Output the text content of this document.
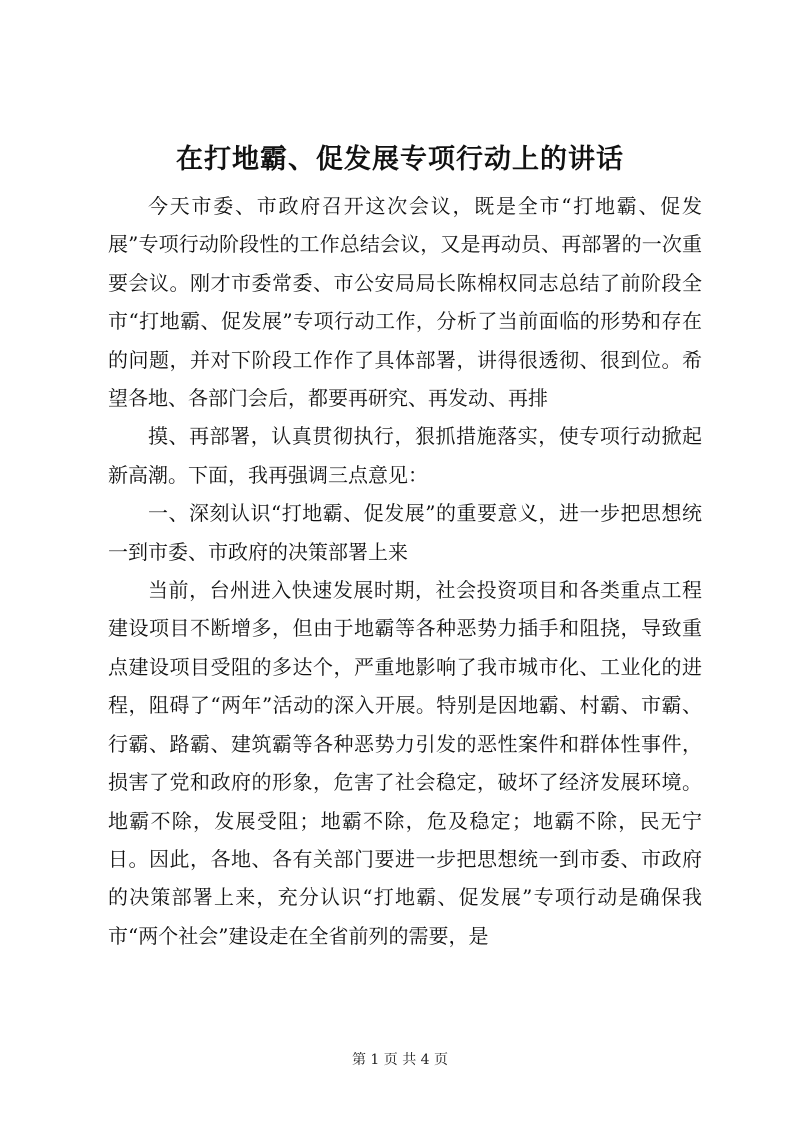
在打地霸、促发展专项行动上的讲话

今天市委、市政府召开这次会议，既是全市“打地霸、促发展”专项行动阶段性的工作总结会议，又是再动员、再部署的一次重要会议。刚才市委常委、市公安局局长陈棉权同志总结了前阶段全市“打地霸、促发展”专项行动工作，分析了当前面临的形势和存在的问题，并对下阶段工作作了具体部署，讲得很透彻、很到位。希望各地、各部门会后，都要再研究、再发动、再排

摸、再部署，认真贯彻执行，狠抓措施落实，使专项行动掀起新高潮。下面，我再强调三点意见：

一、深刻认识“打地霸、促发展”的重要意义，进一步把思想统一到市委、市政府的决策部署上来

当前，台州进入快速发展时期，社会投资项目和各类重点工程建设项目不断增多，但由于地霸等各种恶势力插手和阻挠，导致重点建设项目受阻的多达个，严重地影响了我市城市化、工业化的进程，阻碍了“两年”活动的深入开展。特别是因地霸、村霸、市霸、行霸、路霸、建筑霸等各种恶势力引发的恶性案件和群体性事件，损害了党和政府的形象，危害了社会稳定，破坏了经济发展环境。地霸不除，发展受阻；地霸不除，危及稳定；地霸不除，民无宁日。因此，各地、各有关部门要进一步把思想统一到市委、市政府的决策部署上来，充分认识“打地霸、促发展”专项行动是确保我市“两个社会”建设走在全省前列的需要，是

第 1 页 共 4 页
